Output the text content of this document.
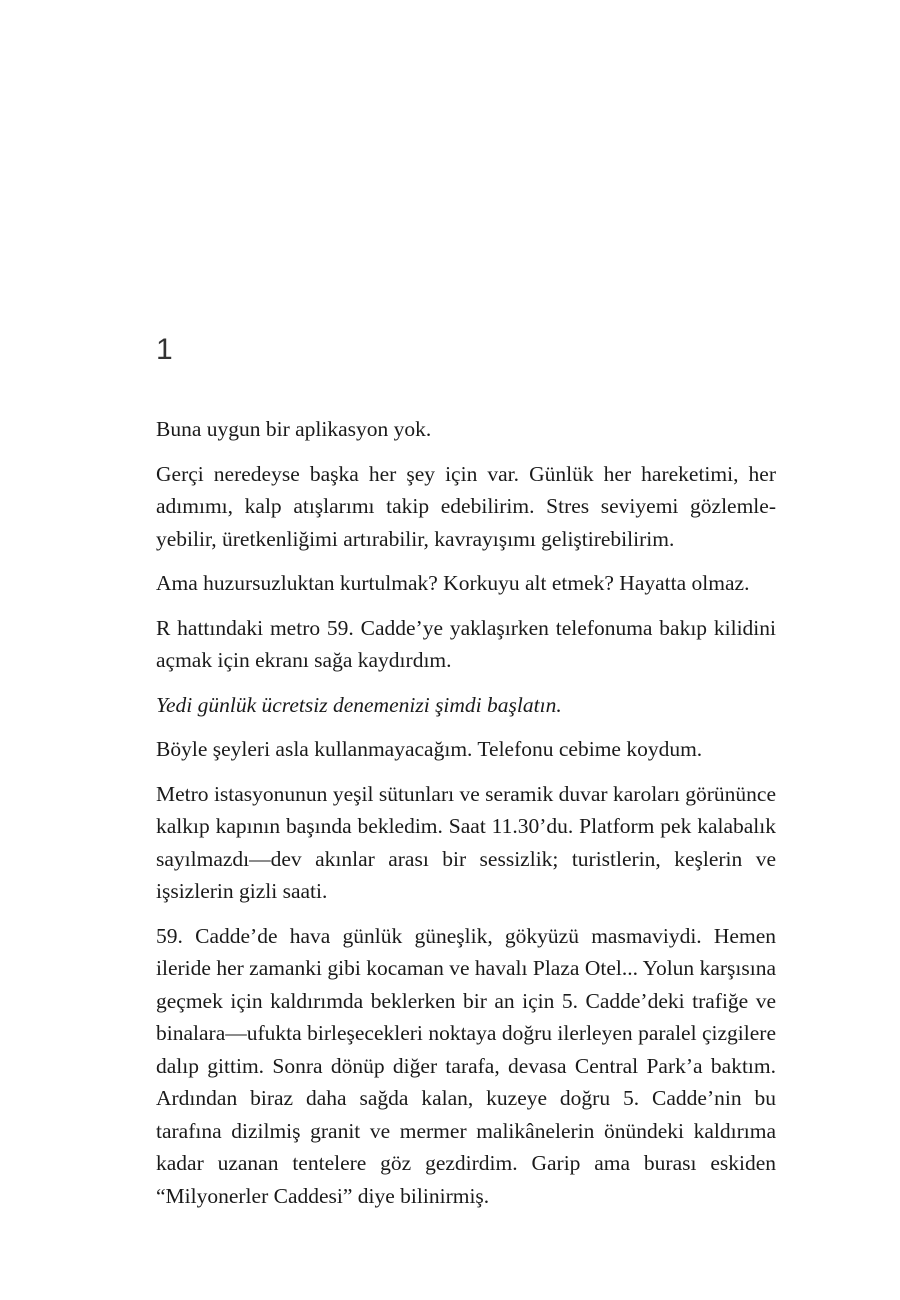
1

Buna uygun bir aplikasyon yok.

Gerçi neredeyse başka her şey için var. Günlük her hareketimi, her adımımı, kalp atışlarımı takip edebilirim. Stres seviyemi gözlemleyebilir, üretkenliğimi artırabilir, kavrayışımı geliştirebilirim.

Ama huzursuzluktan kurtulmak? Korkuyu alt etmek? Hayatta olmaz.

R hattındaki metro 59. Cadde’ye yaklaşırken telefonuma bakıp kilidini açmak için ekranı sağa kaydırdım.

Yedi günlük ücretsiz denemenizi şimdi başlatın.

Böyle şeyleri asla kullanmayacağım. Telefonu cebime koydum.

Metro istasyonunun yeşil sütunları ve seramik duvar karoları görününce kalkıp kapının başında bekledim. Saat 11.30’du. Platform pek kalabalık sayılmazdı—dev akınlar arası bir sessizlik; turistlerin, keşlerin ve işsizlerin gizli saati.

59. Cadde’de hava günlük güneşlik, gökyüzü masmaviydi. Hemen ileride her zamanki gibi kocaman ve havalı Plaza Otel... Yolun karşısına geçmek için kaldırımda beklerken bir an için 5. Cadde’deki trafiğe ve binalara—ufukta birleşecekleri noktaya doğru ilerleyen paralel çizgilere dalıp gittim. Sonra dönüp diğer tarafa, devasa Central Park’a baktım. Ardından biraz daha sağda kalan, kuzeye doğru 5. Cadde’nin bu tarafına dizilmiş granit ve mermer malikânelerin önündeki kaldırıma kadar uzanan tentelere göz gezdirdim. Garip ama burası eskiden “Milyonerler Caddesi” diye bilinirmiş.
